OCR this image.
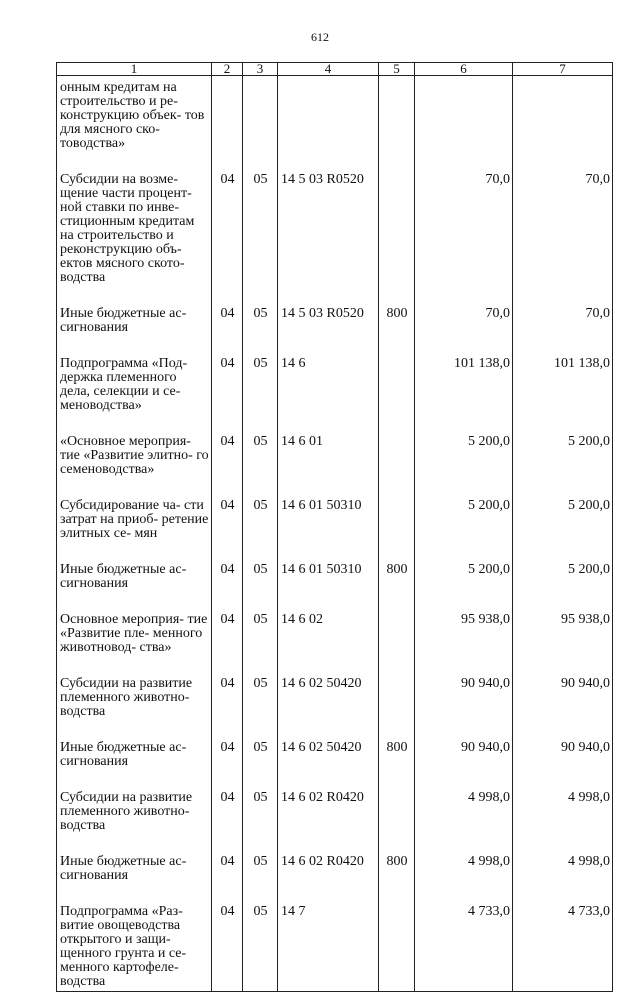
612
1	2	3	4	5	6	7
онным кредитам на строительство и ре- конструкцию объек- тов для мясного ско- товодства»						
Субсидии на возме- щение части процент- ной ставки по инве- стиционным кредитам на строительство и реконструкцию объ- ектов мясного ското- водства	04	05	14 5 03 R0520		70,0	70,0
Иные бюджетные ас- сигнования	04	05	14 5 03 R0520	800	70,0	70,0
Подпрограмма «Под- держка племенного дела, селекции и се- меноводства»	04	05	14 6		101 138,0	101 138,0
«Основное мероприя- тие «Развитие элитно- го семеноводства»	04	05	14 6 01		5 200,0	5 200,0
Субсидирование ча- сти затрат на приоб- ретение элитных се- мян	04	05	14 6 01 50310		5 200,0	5 200,0
Иные бюджетные ас- сигнования	04	05	14 6 01 50310	800	5 200,0	5 200,0
Основное мероприя- тие «Развитие пле- менного животновод- ства»	04	05	14 6 02		95 938,0	95 938,0
Субсидии на развитие племенного животно- водства	04	05	14 6 02 50420		90 940,0	90 940,0
Иные бюджетные ас- сигнования	04	05	14 6 02 50420	800	90 940,0	90 940,0
Субсидии на развитие племенного животно- водства	04	05	14 6 02 R0420		4 998,0	4 998,0
Иные бюджетные ас- сигнования	04	05	14 6 02 R0420	800	4 998,0	4 998,0
Подпрограмма «Раз- витие овощеводства открытого и защи- щенного грунта и се- менного картофеле- водства	04	05	14 7		4 733,0	4 733,0
